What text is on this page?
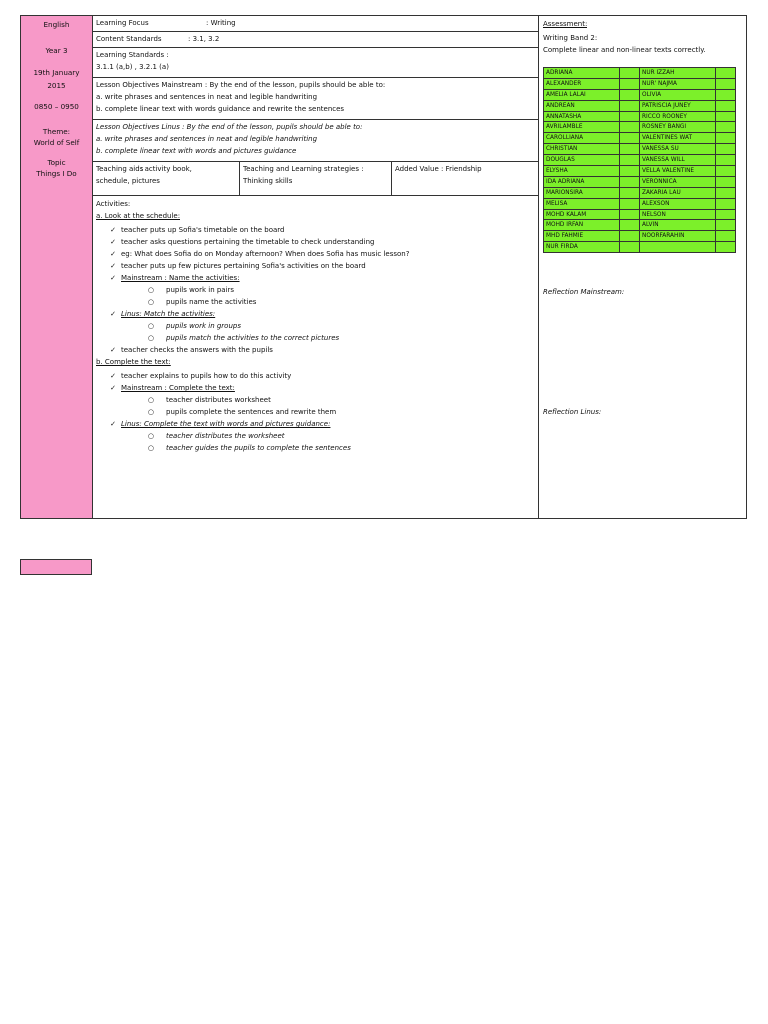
English
Year 3
19th January
2015
0850 – 0950
Theme:
World of Self
Topic
Things I Do
Learning Focus	: Writing
Content Standards	: 3.1, 3.2
Learning Standards :
3.1.1 (a,b) , 3.2.1 (a)
Lesson Objectives Mainstream : By the end of the lesson, pupils should be able to:
a. write phrases and sentences in neat and legible handwriting
b. complete linear text with words guidance and rewrite the sentences
Lesson Objectives Linus : By the end of the lesson, pupils should be able to:
a. write phrases and sentences in neat and legible handwriting
b. complete linear text with words and pictures guidance
Teaching aids: activity book,
schedule, pictures
Teaching and Learning strategies :
Thinking skills
Added Value : Friendship
Activities:
a. Look at the schedule:
✓ teacher puts up Sofia's timetable on the board
✓ teacher asks questions pertaining the timetable to check understanding
✓ eg: What does Sofia do on Monday afternoon? When does Sofia has music lesson?
✓ teacher puts up few pictures pertaining Sofia's activities on the board
✓ Mainstream : Name the activities:
○ pupils work in pairs
○ pupils name the activities
✓ Linus: Match the activities:
○ pupils work in groups
○ pupils match the activities to the correct pictures
✓ teacher checks the answers with the pupils
b. Complete the text:
✓ teacher explains to pupils how to do this activity
✓ Mainstream : Complete the text:
○ teacher distributes worksheet
○ pupils complete the sentences and rewrite them
✓ Linus: Complete the text with words and pictures guidance:
○ teacher distributes the worksheet
○ teacher guides the pupils to complete the sentences
Assessment:
Writing Band 2:
Complete linear and non-linear texts correctly.
ADRIANA		NUR IZZAH	
ALEXANDER		NUR' NAJMA	
AMELIA LALAI		OLIVIA	
ANDREAN		PATRISCIA JUNEY	
ANNATASHA		RICCO ROONEY	
AVRILAMBLE		ROSNEY BANGI	
CAROLLIANA		VALENTINES WAT	
CHRISTIAN		VANESSA SU	
DOUGLAS		VANESSA WILL	
ELYSHA		VELLA VALENTINE	
IDA ADRIANA		VERONNICA	
MARIONSIRA		ZAKARIA LAU	
MELISA		ALEXSON	
MOHD KALAM		NELSON	
MOHD IRFAN		ALVIN	
MHD FAHMIE		NOORFARAHIN	
NUR FIRDA			
Reflection Mainstream:
Reflection Linus:
